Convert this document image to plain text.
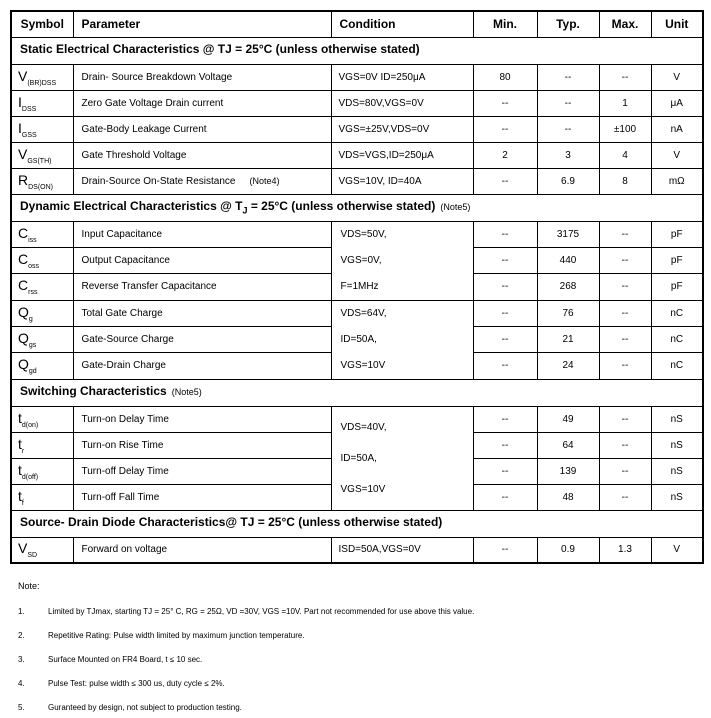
Symbol	Parameter	Condition	Min.	Typ.	Max.	Unit
Static Electrical Characteristics @ TJ = 25°C (unless otherwise stated)						
$V_{(BR)DSS}$	Drain- Source Breakdown Voltage	VGS=0V ID=250μA	80	--	--	V
$I_{DSS}$	Zero Gate Voltage Drain current	VDS=80V,VGS=0V	--	--	1	μA
$I_{GSS}$	Gate-Body Leakage Current	VGS=±25V,VDS=0V	--	--	±100	nA
$V_{GS(TH)}$	Gate Threshold Voltage	VDS=VGS,ID=250μA	2	3	4	V
$R_{DS(ON)}$	Drain-Source On-State Resistance (Note4)	VGS=10V, ID=40A	--	6.9	8	mΩ
Dynamic Electrical Characteristics @ $T_J = 25^\circ C$ (unless otherwise stated) (Note5)						
$C_{iss}$	Input Capacitance	VDS=50V,
VGS=0V,
F=1MHz	--	3175	--	pF
$C_{oss}$	Output Capacitance		--	440	--	pF
$C_{rss}$	Reverse Transfer Capacitance		--	268	--	pF
$Q_g$	Total Gate Charge	VDS=64V,
ID=50A,
VGS=10V	--	76	--	nC
$Q_{gs}$	Gate-Source Charge		--	21	--	nC
$Q_{gd}$	Gate-Drain Charge		--	24	--	nC
Switching Characteristics (Note5)						
$t_{d(on)}$	Turn-on Delay Time	VDS=40V,
ID=50A,
VGS=10V	--	49	--	nS
$t_r$	Turn-on Rise Time		--	64	--	nS
$t_{d(off)}$	Turn-off Delay Time		--	139	--	nS
$t_f$	Turn-off Fall Time		--	48	--	nS
Source- Drain Diode Characteristics@ TJ = 25°C (unless otherwise stated)						
$V_{SD}$	Forward on voltage	ISD=50A,VGS=0V	--	0.9	1.3	V
Note:
1.	Limited by TJmax, starting TJ = 25° C, RG = 25Ω, VD =30V, VGS =10V. Part not recommended for use above this value.
2.	Repetitive Rating: Pulse width limited by maximum junction temperature.
3.	Surface Mounted on FR4 Board, t ≤ 10 sec.
4.	Pulse Test: pulse width ≤ 300 us, duty cycle ≤ 2%.
5.	Guranteed by design, not subject to production testing.
